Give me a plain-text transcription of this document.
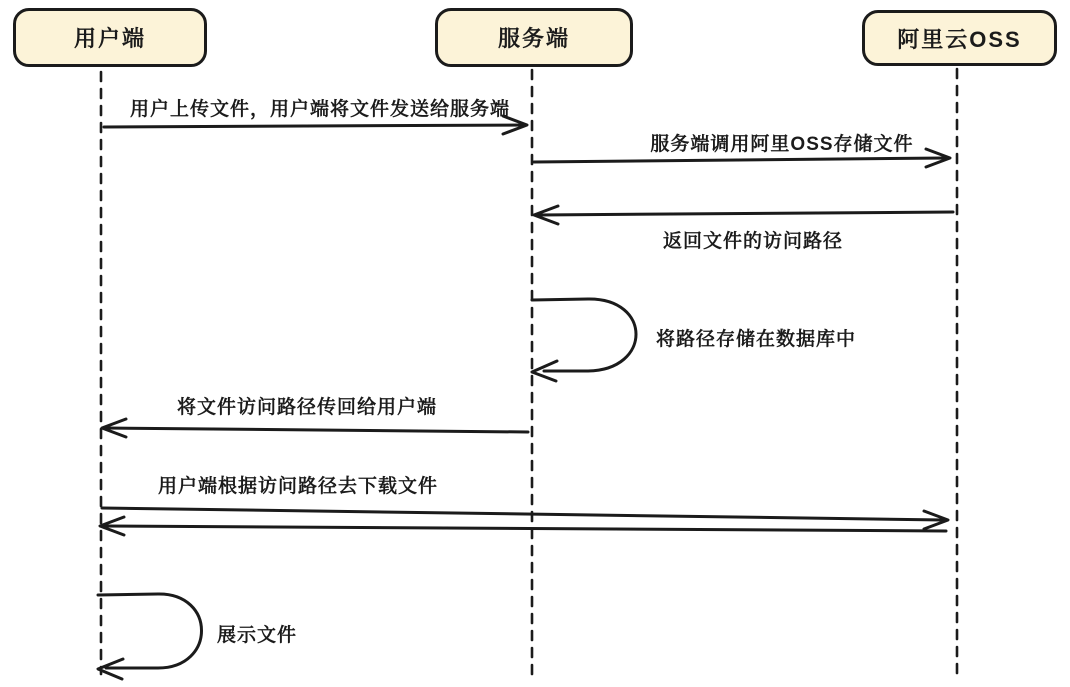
用户端	服务端	阿里云OSS
用户上传文件，用户端将文件发送给服务端
服务端调用阿里OSS存储文件
返回文件的访问路径
将路径存储在数据库中
将文件访问路径传回给用户端
用户端根据访问路径去下载文件
展示文件
